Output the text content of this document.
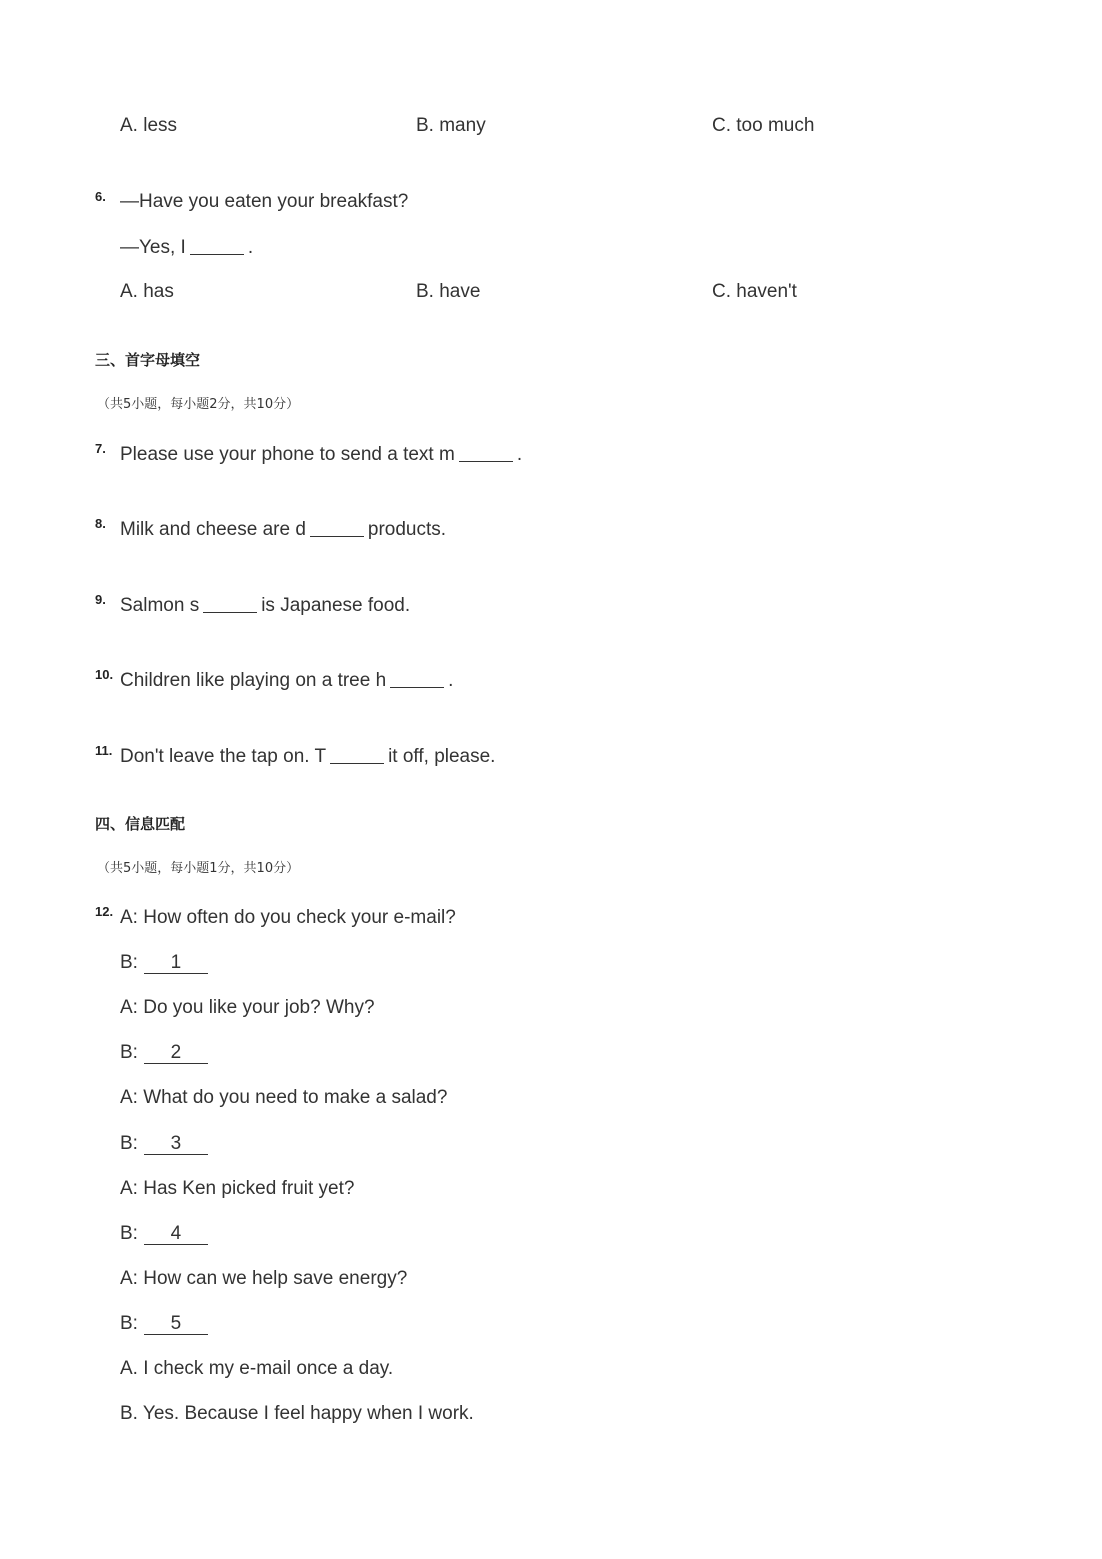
A. less	B. many	C. too much
6. —Have you eaten your breakfast?
—Yes, I	.
A. has	B. have	C. haven't
三、首字母填空
（共5小题，每小题2分，共10分）
7. Please use your phone to send a text m	.
8. Milk and cheese are d	products.
9. Salmon s	is Japanese food.
10. Children like playing on a tree h	.
11. Don't leave the tap on. T	it off, please.
四、信息匹配
（共5小题，每小题1分，共10分）
12. A: How often do you check your e-mail?
B: 1
A: Do you like your job? Why?
B: 2
A: What do you need to make a salad?
B: 3
A: Has Ken picked fruit yet?
B: 4
A: How can we help save energy?
B: 5
A. I check my e-mail once a day.
B. Yes. Because I feel happy when I work.
